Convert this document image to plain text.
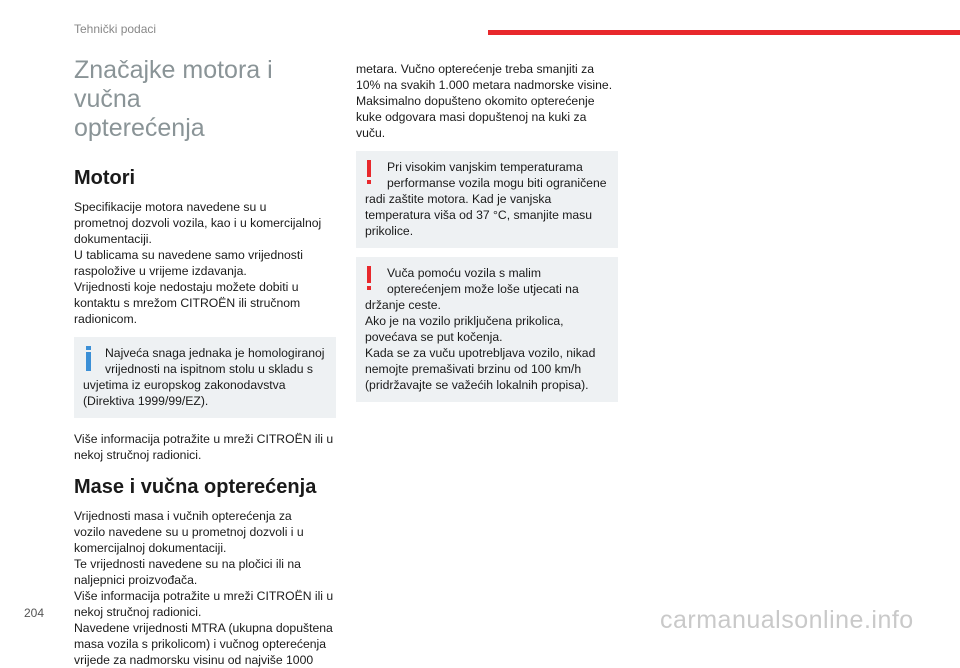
Tehnički podaci
Značajke motora i vučna
opterećenja
Motori

Specifikacije motora navedene su u
prometnoj dozvoli vozila, kao i u komercijalnoj
dokumentaciji.
U tablicama su navedene samo vrijednosti
raspoložive u vrijeme izdavanja.
Vrijednosti koje nedostaju možete dobiti u
kontaktu s mrežom CITROËN ili stručnom
radionicom.

Najveća snaga jednaka je homologiranoj
vrijednosti na ispitnom stolu u skladu s
uvjetima iz europskog zakonodavstva
(Direktiva 1999/99/EZ).

Više informacija potražite u mreži CITROËN ili u
nekoj stručnoj radionici.

Mase i vučna opterećenja

Vrijednosti masa i vučnih opterećenja za
vozilo navedene su u prometnoj dozvoli i u
komercijalnoj dokumentaciji.
Te vrijednosti navedene su na pločici ili na
naljepnici proizvođača.
Više informacija potražite u mreži CITROËN ili u
nekoj stručnoj radionici.
Navedene vrijednosti MTRA (ukupna dopuštena
masa vozila s prikolicom) i vučnog opterećenja
vrijede za nadmorsku visinu od najviše 1000

metara. Vučno opterećenje treba smanjiti za
10% na svakih 1.000 metara nadmorske visine.
Maksimalno dopušteno okomito opterećenje
kuke odgovara masi dopuštenoj na kuki za vuču.

Pri visokim vanjskim temperaturama
performanse vozila mogu biti ograničene
radi zaštite motora. Kad je vanjska
temperatura viša od 37 °C, smanjite masu
prikolice.
Vuča pomoću vozila s malim
opterećenjem može loše utjecati na
držanje ceste.
Ako je na vozilo priključena prikolica,
povećava se put kočenja.
Kada se za vuču upotrebljava vozilo, nikad
nemojte premašivati brzinu od 100 km/h
(pridržavajte se važećih lokalnih propisa).
204	carmanualsonline.info
